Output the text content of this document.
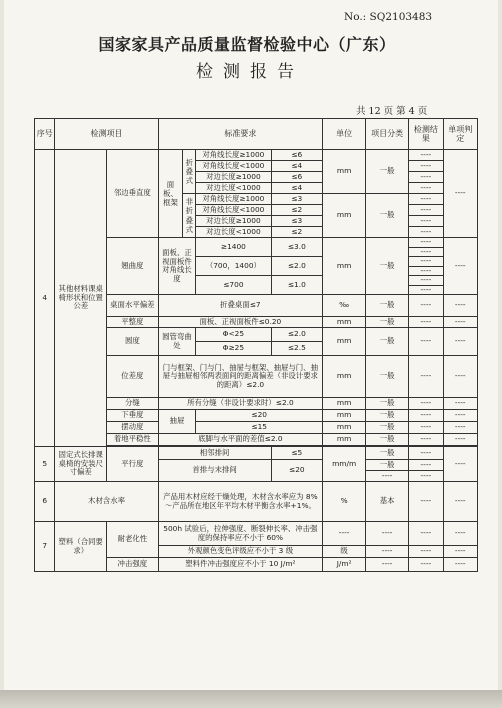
No.: SQ2103483
国家家具产品质量监督检验中心（广东）
检测报告
共 12 页 第 4 页
序号	检测项目		标准要求				单位	项目分类	检测结果	单项判定
4	其他材料课桌椅形状和位置公差	邻边垂直度	面板、框架	折叠式	对角线长度≥1000	≤6	mm	一般	----	----
					对角线长度<1000	≤4			----	
					对边长度≥1000	≤6			----	
					对边长度<1000	≤4			----	
				非折叠式	对角线长度≥1000	≤3	mm	一般	----	
					对角线长度<1000	≤2			----	
					对边长度≥1000	≤3			----	
					对边长度<1000	≤2			----	
		翘曲度	面板、正视面板件对角线长度		≥1400	≤3.0	mm	一般	----	----
									----	
					（700，1400）	≤2.0			----	
									----	
					≤700	≤1.0			----	
									----	
		桌面水平偏差	折叠桌面≤7				‰	一般	----	----
		平整度	面板、正视面板件≤0.20				mm	一般	----	----
		圆度	圆管弯曲处		Φ<25	≤2.0	mm	一般	----	----
					Φ≥25	≤2.5				
		位差度	门与框架、门与门、抽屉与框架、抽屉与门、抽屉与抽屉相邻两表面间的距离偏差（非设计要求的距离）≤2.0				mm	一般	----	----
		分缝	所有分缝（非设计要求时）≤2.0				mm	一般	----	----
		下垂度	抽屉		≤20		mm	一般	----	----
		摆动度			≤15		mm	一般	----	----
		着地平稳性	底脚与水平面的差值≤2.0				mm	一般	----	----

5	固定式长排课桌椅的安装尺寸偏差	平行度	相邻排间			≤5	mm/m	一般	----	----
			首排与末排间			≤20		一般	----	
								----	----	
6	木材含水率		产品用木材应经干燥处理，木材含水率应为 8%～产品所在地区年平均木材平衡含水率+1%。				%	基本	----	----
7	塑料（合同要求）	耐老化性	500h 试验后，拉伸强度、断裂伸长率、冲击强度的保持率应不小于 60%				----	----	----	----
			外观颜色变色评级应不小于 3 级				级	----	----	----
		冲击强度	塑料件冲击强度应不小于 10 J/m²				J/m²	----	----	----
